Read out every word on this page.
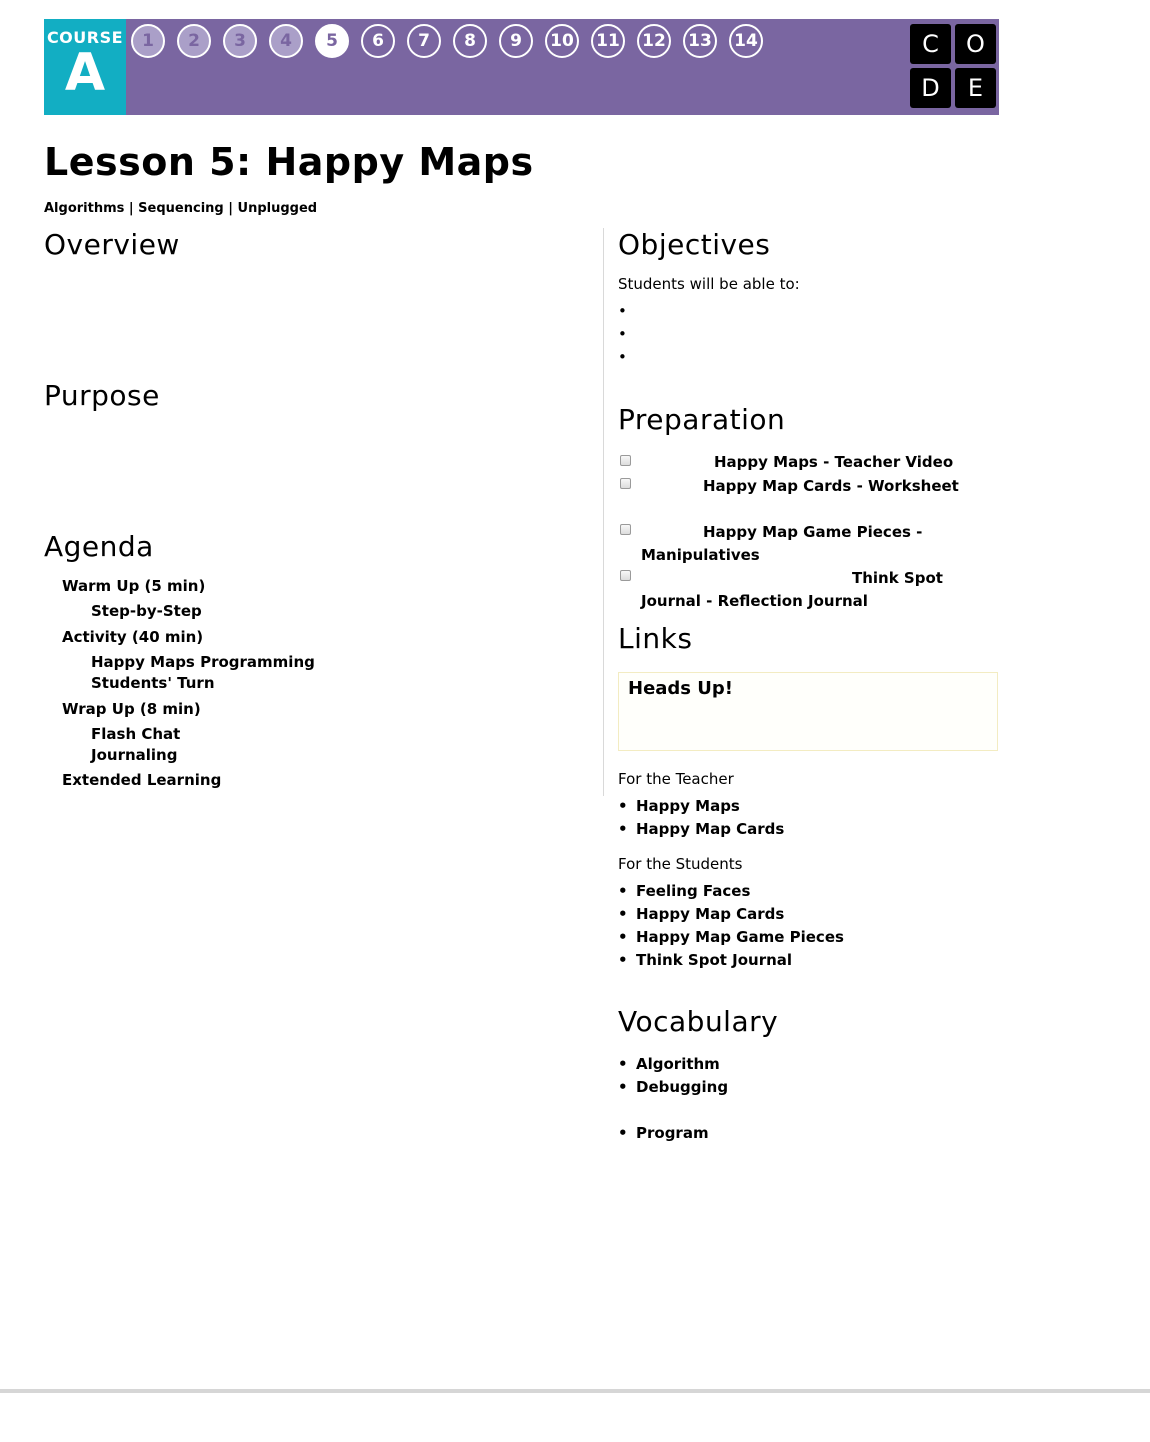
COURSE
A
1	2	3	4	5	6	7	8	9	10	11	12	13	14	C	O
D	E
Lesson 5: Happy Maps
Algorithms | Sequencing | Unplugged
Overview
Purpose
Agenda
Warm Up (5 min)
Step-by-Step
Activity (40 min)
Happy Maps Programming
Students' Turn
Wrap Up (8 min)
Flash Chat
Journaling
Extended Learning
Objectives
Students will be able to:
•
•
•
Preparation
Happy Maps - Teacher Video
Happy Map Cards - Worksheet
Happy Map Game Pieces -
Manipulatives
Think Spot
Journal - Reflection Journal
Links
Heads Up!
For the Teacher
Happy Maps
Happy Map Cards
For the Students
Feeling Faces
Happy Map Cards
Happy Map Game Pieces
Think Spot Journal
Vocabulary
Algorithm
Debugging
Program
